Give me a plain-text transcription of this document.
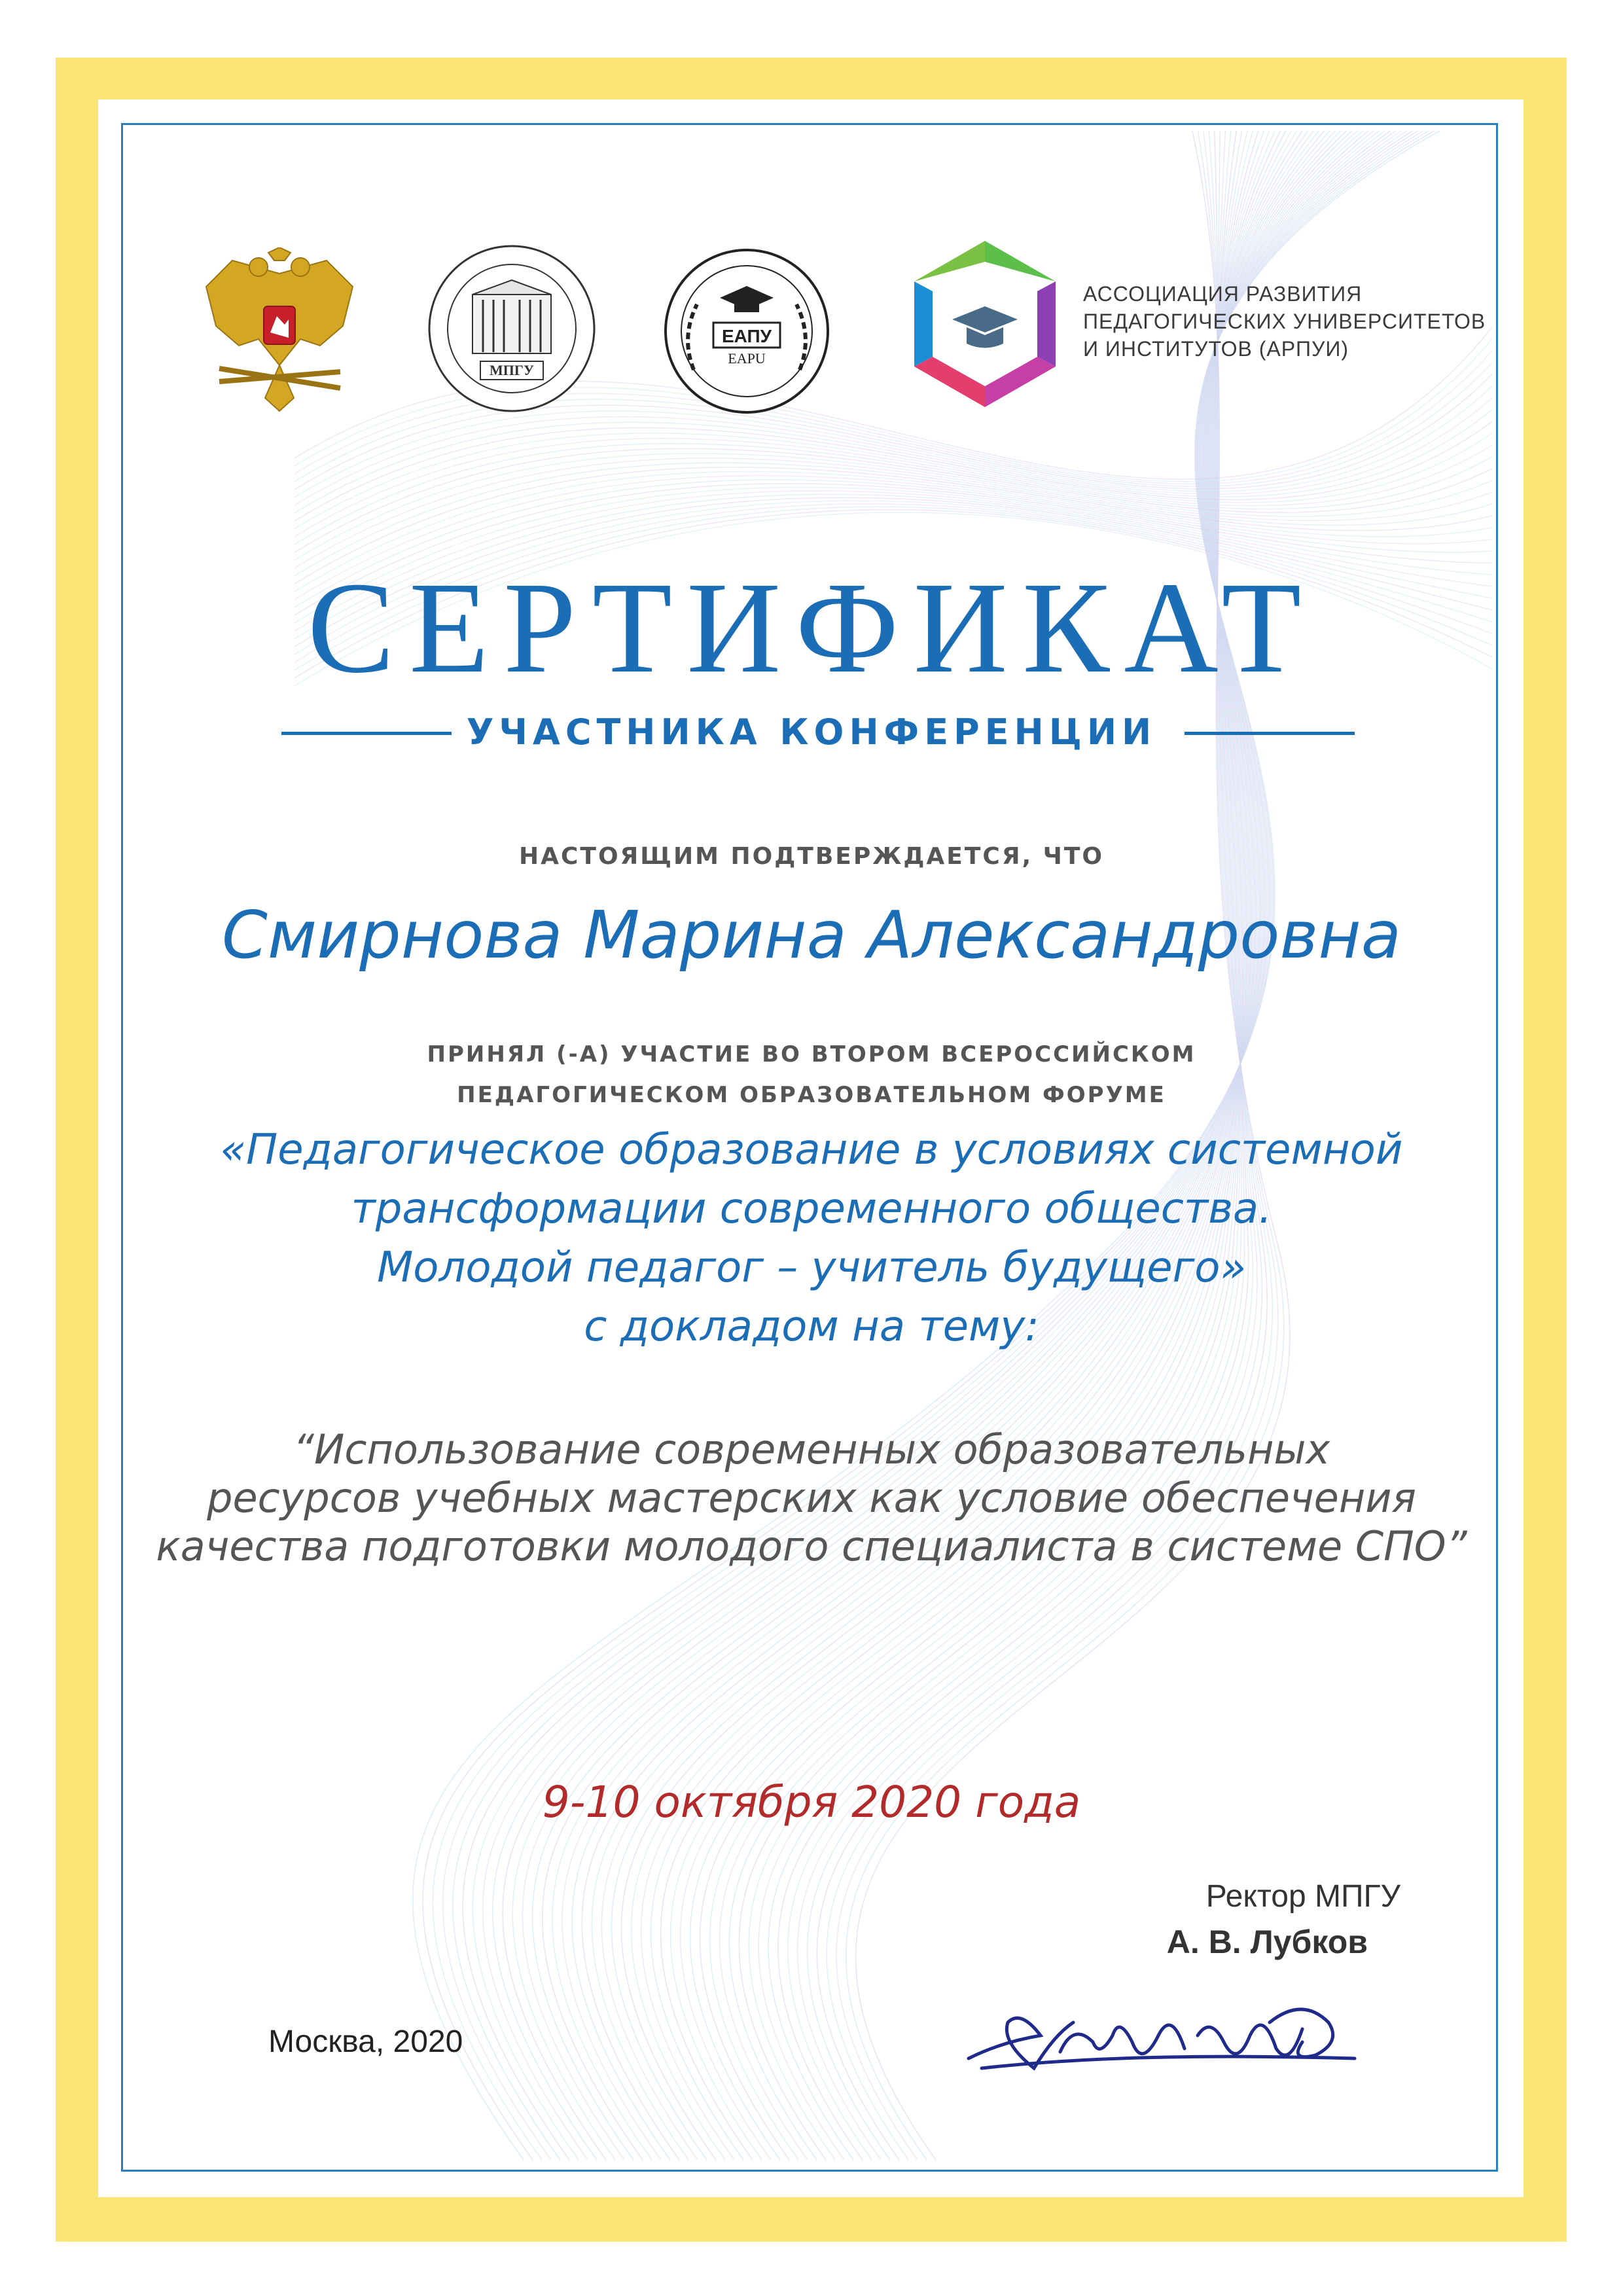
МПГУ
ЕАПУ
EAPU
АССОЦИАЦИЯ РАЗВИТИЯ
ПЕДАГОГИЧЕСКИХ УНИВЕРСИТЕТОВ
И ИНСТИТУТОВ (АРПУИ)
СЕРТИФИКАТ
УЧАСТНИКА КОНФЕРЕНЦИИ
НАСТОЯЩИМ ПОДТВЕРЖДАЕТСЯ, ЧТО
Смирнова Марина Александровна
ПРИНЯЛ (-А) УЧАСТИЕ ВО ВТОРОМ ВСЕРОССИЙСКОМ
ПЕДАГОГИЧЕСКОМ ОБРАЗОВАТЕЛЬНОМ ФОРУМЕ
«Педагогическое образование в условиях системной
трансформации современного общества.
Молодой педагог – учитель будущего»
с докладом на тему:
“Использование современных образовательных
ресурсов учебных мастерских как условие обеспечения
качества подготовки молодого специалиста в системе СПО”
9-10 октября 2020 года
Ректор МПГУ
А. В. Лубков
Москва, 2020
